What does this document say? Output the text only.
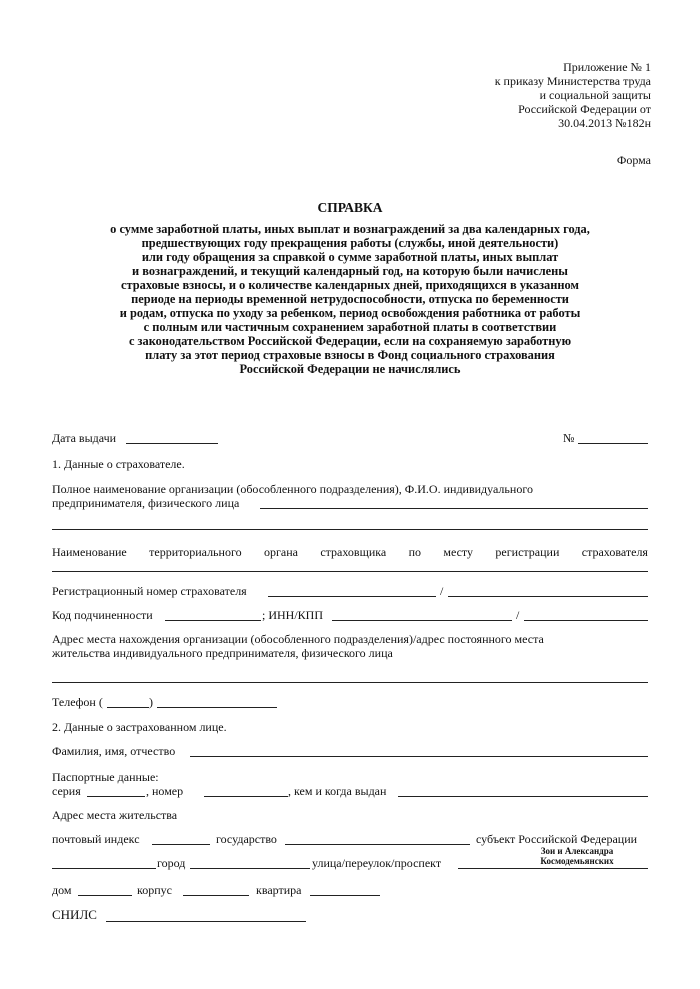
Приложение № 1
к приказу Министерства труда
и социальной защиты
Российской Федерации от
30.04.2013 №182н
Форма
СПРАВКА
о сумме заработной платы, иных выплат и вознаграждений за два календарных года,
предшествующих году прекращения работы (службы, иной деятельности)
или году обращения за справкой о сумме заработной платы, иных выплат
и вознаграждений, и текущий календарный год, на которую были начислены
страховые взносы, и о количестве календарных дней, приходящихся в указанном
периоде на периоды временной нетрудоспособности, отпуска по беременности
и родам, отпуска по уходу за ребенком, период освобождения работника от работы
с полным или частичным сохранением заработной платы в соответствии
с законодательством Российской Федерации, если на сохраняемую заработную
плату за этот период страховые взносы в Фонд социального страхования
Российской Федерации не начислялись
Дата выдачи	№
1. Данные о страхователе.
Полное наименование организации (обособленного подразделения), Ф.И.О. индивидуального
предпринимателя, физического лица
Наименование территориального органа страховщика по месту регистрации страхователя
Регистрационный номер страхователя	/
Код подчиненности	; ИНН/КПП	/
Адрес места нахождения организации (обособленного подразделения)/адрес постоянного места
жительства индивидуального предпринимателя, физического лица
Телефон (	)
2. Данные о застрахованном лице.
Фамилия, имя, отчество
Паспортные данные:
серия	, номер	, кем и когда выдан
Адрес места жительства
почтовый индекс	государство	субъект Российской Федерации
город	улица/переулок/проспект
Зои и Александра
Космодемьянских
дом	корпус	квартира
СНИЛС
